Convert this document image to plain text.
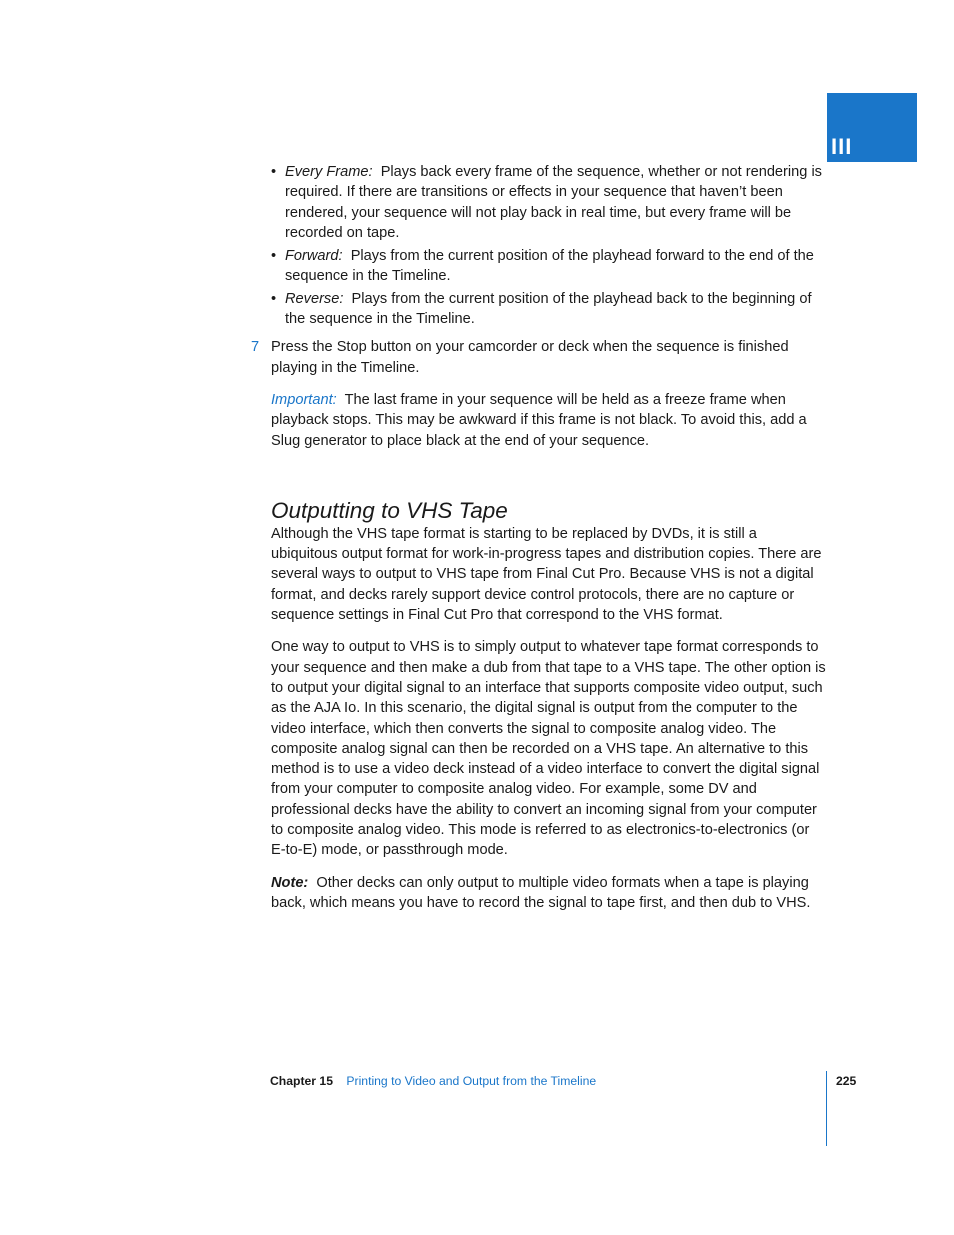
III
• Every Frame: Plays back every frame of the sequence, whether or not rendering is required. If there are transitions or effects in your sequence that haven’t been rendered, your sequence will not play back in real time, but every frame will be recorded on tape.
• Forward: Plays from the current position of the playhead forward to the end of the sequence in the Timeline.
• Reverse: Plays from the current position of the playhead back to the beginning of the sequence in the Timeline.
7 Press the Stop button on your camcorder or deck when the sequence is finished playing in the Timeline.

Important: The last frame in your sequence will be held as a freeze frame when playback stops. This may be awkward if this frame is not black. To avoid this, add a Slug generator to place black at the end of your sequence.

Outputting to VHS Tape

Although the VHS tape format is starting to be replaced by DVDs, it is still a ubiquitous output format for work-in-progress tapes and distribution copies. There are several ways to output to VHS tape from Final Cut Pro. Because VHS is not a digital format, and decks rarely support device control protocols, there are no capture or sequence settings in Final Cut Pro that correspond to the VHS format.

One way to output to VHS is to simply output to whatever tape format corresponds to your sequence and then make a dub from that tape to a VHS tape. The other option is to output your digital signal to an interface that supports composite video output, such as the AJA Io. In this scenario, the digital signal is output from the computer to the video interface, which then converts the signal to composite analog video. The composite analog signal can then be recorded on a VHS tape. An alternative to this method is to use a video deck instead of a video interface to convert the digital signal from your computer to composite analog video. For example, some DV and professional decks have the ability to convert an incoming signal from your computer to composite analog video. This mode is referred to as electronics-to-electronics (or E-to-E) mode, or passthrough mode.

Note: Other decks can only output to multiple video formats when a tape is playing back, which means you have to record the signal to tape first, and then dub to VHS.

Chapter 15 Printing to Video and Output from the Timeline	225
